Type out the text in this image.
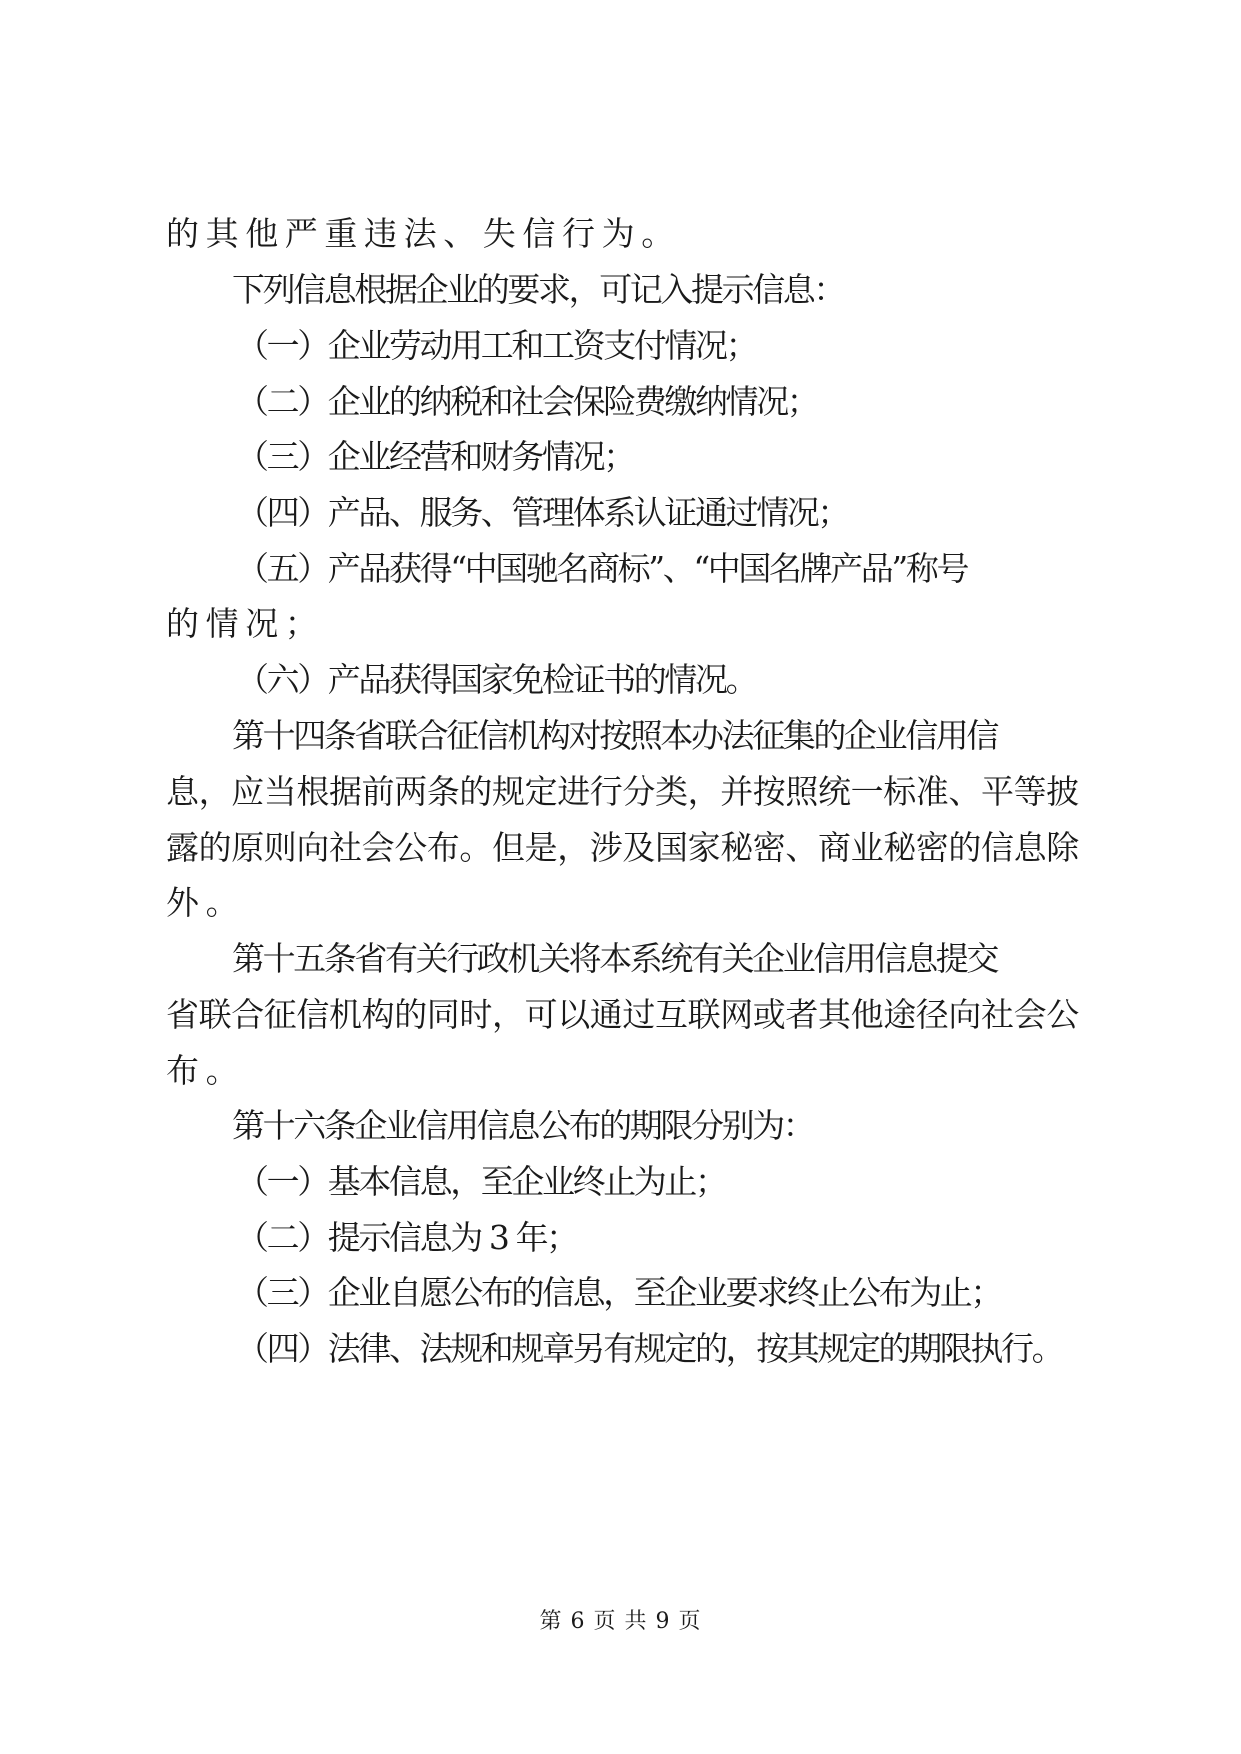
的其他严重违法、失信行为。
下列信息根据企业的要求，可记入提示信息：
（一）企业劳动用工和工资支付情况；
（二）企业的纳税和社会保险费缴纳情况；
（三）企业经营和财务情况；
（四）产品、服务、管理体系认证通过情况；
（五）产品获得“中国驰名商标”、“中国名牌产品”称号
的情况；
（六）产品获得国家免检证书的情况。
第十四条省联合征信机构对按照本办法征集的企业信用信
息，应当根据前两条的规定进行分类，并按照统一标准、平等披
露的原则向社会公布。但是，涉及国家秘密、商业秘密的信息除
外。
第十五条省有关行政机关将本系统有关企业信用信息提交
省联合征信机构的同时，可以通过互联网或者其他途径向社会公
布。
第十六条企业信用信息公布的期限分别为：
（一）基本信息，至企业终止为止；
（二）提示信息为 3 年；
（三）企业自愿公布的信息，至企业要求终止公布为止；
（四）法律、法规和规章另有规定的，按其规定的期限执行。
第 6 页 共 9 页
